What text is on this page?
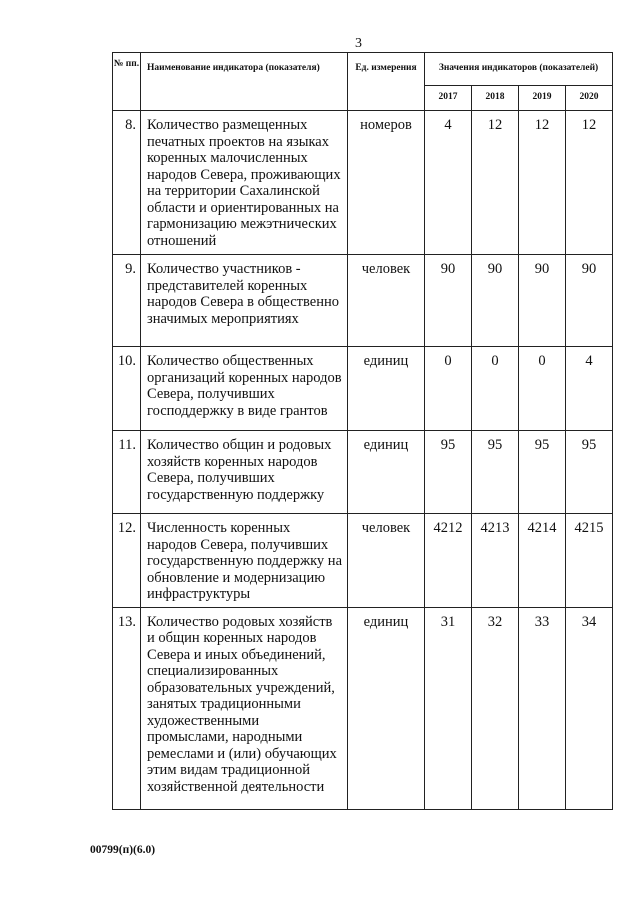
3
№ пп.	Наименование индикатора (показателя)	Ед. измерения	Значения индикаторов (показателей)			
			2017	2018	2019	2020
8.	Количество размещенных печатных проектов на языках коренных малочисленных народов Севера, проживающих на территории Сахалинской области и ориентированных на гармонизацию межэтнических отношений	номеров	4	12	12	12
9.	Количество участников - представителей коренных народов Севера в общественно значимых мероприятиях	человек	90	90	90	90
10.	Количество общественных организаций коренных народов Севера, получивших господдержку в виде грантов	единиц	0	0	0	4
11.	Количество общин и родовых хозяйств коренных народов Севера, получивших государственную поддержку	единиц	95	95	95	95
12.	Численность коренных народов Севера, получивших государственную поддержку на обновление и модернизацию инфраструктуры	человек	4212	4213	4214	4215
13.	Количество родовых хозяйств и общин коренных народов Севера и иных объединений, специализированных образовательных учреждений, занятых традиционными художественными промыслами, народными ремеслами и (или) обучающих этим видам традиционной хозяйственной деятельности	единиц	31	32	33	34
00799(п)(6.0)
